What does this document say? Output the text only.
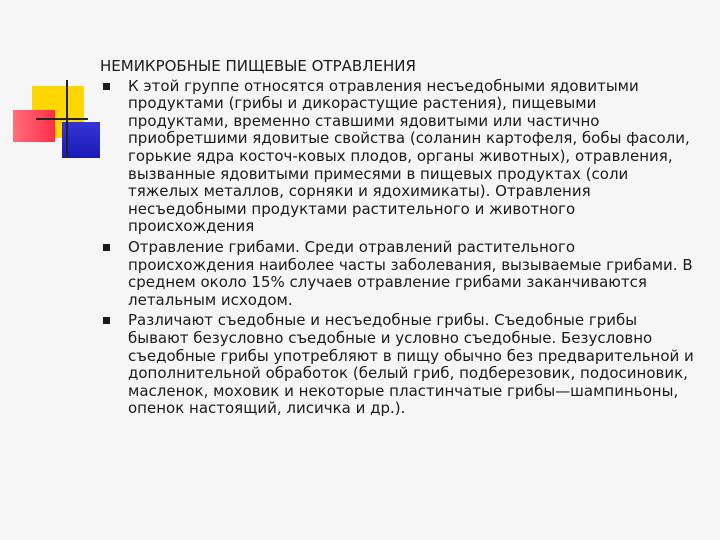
НЕМИКРОБНЫЕ ПИЩЕВЫЕ ОТРАВЛЕНИЯ
К этой группе относятся отравления несъедобными ядовитыми продуктами (грибы и дикорастущие растения), пищевыми продуктами, временно ставшими ядовитыми или частично приобретшими ядовитые свойства (соланин картофеля, бобы фасоли, горькие ядра косточ-ковых плодов, органы животных), отравления, вызванные ядовитыми примесями в пищевых продуктах (соли тяжелых металлов, сорняки и ядохимикаты). Отравления несъедобными продуктами растительного и животного происхождения
Отравление грибами. Среди отравлений растительного происхождения наиболее часты заболевания, вызываемые грибами. В среднем около 15% случаев отравление грибами заканчиваются летальным исходом.
Различают съедобные и несъедобные грибы. Съедобные грибы бывают безусловно съедобные и условно съедобные. Безусловно съедобные грибы употребляют в пищу обычно без предварительной и дополнительной обработок (белый гриб, подберезовик, подосиновик, масленок, моховик и некоторые пластинчатые грибы—шампиньоны, опенок настоящий, лисичка и др.).
